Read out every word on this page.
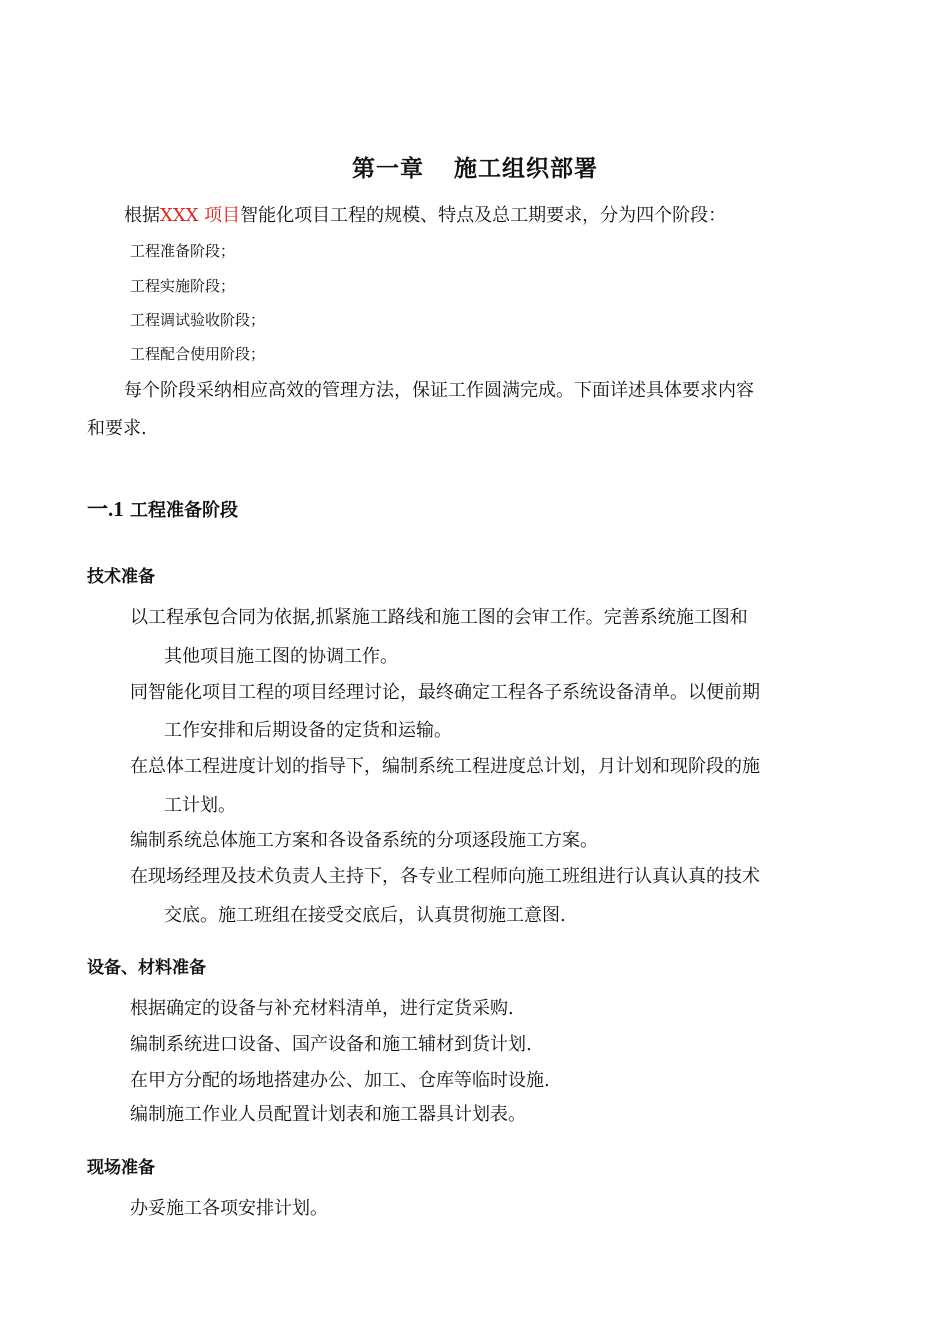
第一章 施工组织部署
根据XXX 项目智能化项目工程的规模、特点及总工期要求，分为四个阶段：
工程准备阶段；
工程实施阶段；
工程调试验收阶段；
工程配合使用阶段；
每个阶段采纳相应高效的管理方法，保证工作圆满完成。下面详述具体要求内容
和要求.
一.1 工程准备阶段
技术准备
以工程承包合同为依据,抓紧施工路线和施工图的会审工作。完善系统施工图和
其他项目施工图的协调工作。
同智能化项目工程的项目经理讨论，最终确定工程各子系统设备清单。以便前期
工作安排和后期设备的定货和运输。
在总体工程进度计划的指导下，编制系统工程进度总计划，月计划和现阶段的施
工计划。
编制系统总体施工方案和各设备系统的分项逐段施工方案。
在现场经理及技术负责人主持下，各专业工程师向施工班组进行认真认真的技术
交底。施工班组在接受交底后，认真贯彻施工意图.
设备、材料准备
根据确定的设备与补充材料清单，进行定货采购.
编制系统进口设备、国产设备和施工辅材到货计划.
在甲方分配的场地搭建办公、加工、仓库等临时设施.
编制施工作业人员配置计划表和施工器具计划表。
现场准备
办妥施工各项安排计划。
